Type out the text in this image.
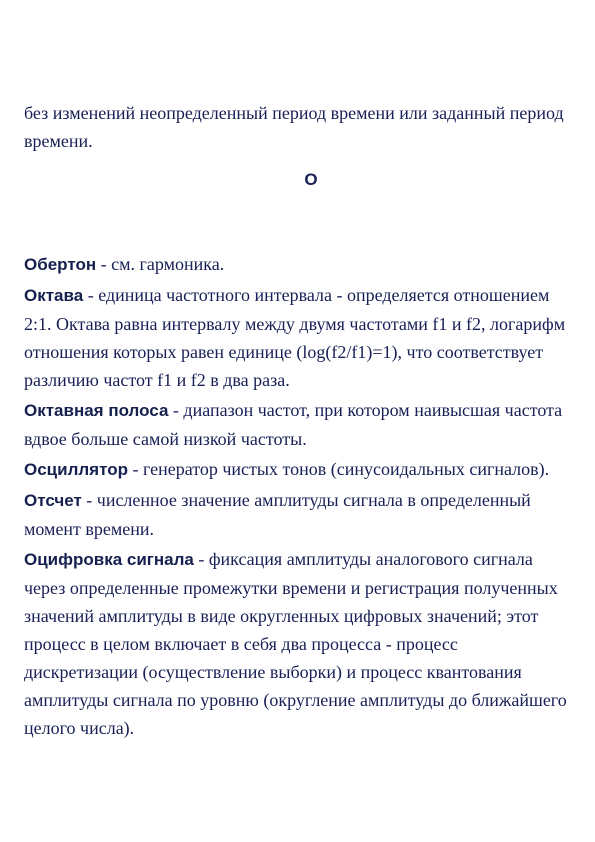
без изменений неопределенный период времени или заданный период времени.

О

Обертон - см. гармоника.

Октава - единица частотного интервала - определяется отношением 2:1. Октава равна интервалу между двумя частотами f1 и f2, логарифм отношения которых равен единице (log(f2/f1)=1), что соответствует различию частот f1 и f2 в два раза.

Октавная полоса - диапазон частот, при котором наивысшая частота вдвое больше самой низкой частоты.

Осциллятор - генератор чистых тонов (синусоидальных сигналов).

Отсчет - численное значение амплитуды сигнала в определенный момент времени.

Оцифровка сигнала - фиксация амплитуды аналогового сигнала через определенные промежутки времени и регистрация полученных значений амплитуды в виде округленных цифровых значений; этот процесс в целом включает в себя два процесса - процесс дискретизации (осуществление выборки) и процесс квантования амплитуды сигнала по уровню (округление амплитуды до ближайшего целого числа).
